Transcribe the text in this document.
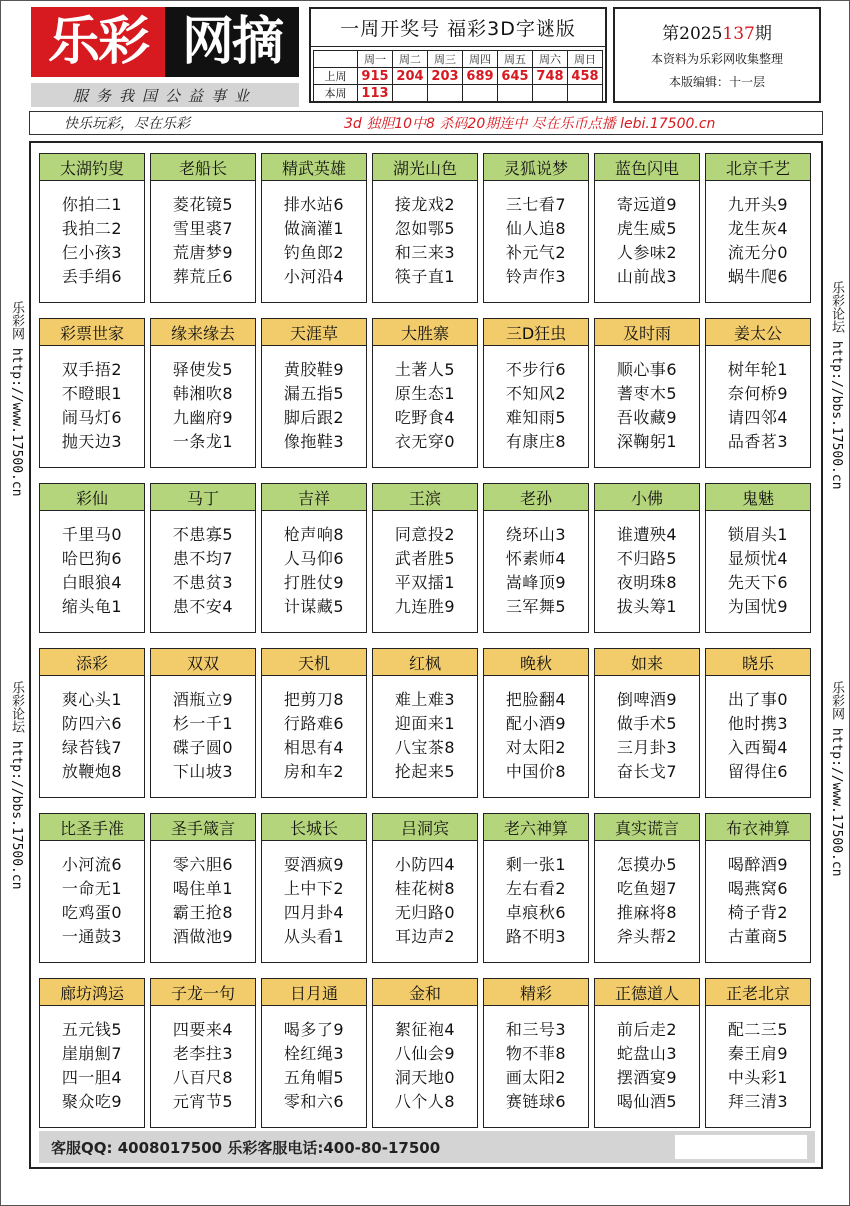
乐 彩 网 摘
服务我国公益事业
一周开奖号 福彩3D字谜版
	周一	周二	周三	周四	周五	周六	周日
上周	915	204	203	689	645	748	458
本周	113						
第2025137期
本资料为乐彩网收集整理
本版编辑：十一层
快乐玩彩，尽在乐彩	3d 独胆10中8 杀码20期连中 尽在乐币点播 lebi.17500.cn
乐彩网 http://www.17500.cn
乐彩论坛 http://bbs.17500.cn
乐彩论坛 http://bbs.17500.cn
乐彩网 http://www.17500.cn
太湖钓叟
你拍二1
我拍二2
仨小孩3
丢手绢6
老船长
菱花镜5
雪里裘7
荒唐梦9
葬荒丘6
精武英雄
排水站6
做滴灌1
钓鱼郎2
小河沿4
湖光山色
接龙戏2
忽如鄂5
和三来3
筷子直1
灵狐说梦
三七看7
仙人追8
补元气2
铃声作3
蓝色闪电
寄远道9
虎生威5
人参味2
山前战3
北京千艺
九开头9
龙生灰4
流无分0
蜗牛爬6
彩票世家
双手捂2
不瞪眼1
闹马灯6
抛天边3
缘来缘去
驿使发5
韩湘吹8
九幽府9
一条龙1
天涯草
黄胶鞋9
漏五指5
脚后跟2
像拖鞋3
大胜寨
土著人5
原生态1
吃野食4
衣无穿0
三D狂虫
不步行6
不知风2
难知雨5
有康庄8
及时雨
顺心事6
蓍枣木5
吾收藏9
深鞠躬1
姜太公
树年轮1
奈何桥9
请四邻4
品香茗3
彩仙
千里马0
哈巴狗6
白眼狼4
缩头龟1
马丁
不患寡5
患不均7
不患贫3
患不安4
吉祥
枪声响8
人马仰6
打胜仗9
计谋藏5
王滨
同意投2
武者胜5
平双擂1
九连胜9
老孙
绕环山3
怀素师4
嵩峰顶9
三军舞5
小佛
谁遭殃4
不归路5
夜明珠8
拔头筹1
鬼魅
锁眉头1
显烦忧4
先天下6
为国忧9
添彩
爽心头1
防四六6
绿苔钱7
放鞭炮8
双双
酒瓶立9
杉一千1
碟子圆0
下山坡3
天机
把剪刀8
行路难6
相思有4
房和车2
红枫
难上难3
迎面来1
八宝茶8
抡起来5
晚秋
把脸翻4
配小酒9
对太阳2
中国价8
如来
倒啤酒9
做手术5
三月卦3
奋长戈7
晓乐
出了事0
他时携3
入西蜀4
留得住6
比圣手准
小河流6
一命无1
吃鸡蛋0
一通鼓3
圣手箴言
零六胆6
喝住单1
霸王抢8
酒做池9
长城长
耍酒疯9
上中下2
四月卦4
从头看1
吕洞宾
小防四4
桂花树8
无归路0
耳边声2
老六神算
剩一张1
左右看2
卓痕秋6
路不明3
真实谎言
怎摸办5
吃鱼翅7
推麻将8
斧头帮2
布衣神算
喝醉酒9
喝燕窝6
椅子背2
古董商5
廊坊鸿运
五元钱5
崖崩劁7
四一胆4
聚众吃9
子龙一句
四要来4
老李拄3
八百尺8
元宵节5
日月通
喝多了9
栓红绳3
五角帽5
零和六6
金和
絮征袍4
八仙会9
洞天地0
八个人8
精彩
和三号3
物不菲8
画太阳2
赛链球6
正德道人
前后走2
蛇盘山3
摆酒宴9
喝仙酒5
正老北京
配二三5
秦王肩9
中头彩1
拜三清3
客服QQ: 4008017500 乐彩客服电话:400-80-17500
